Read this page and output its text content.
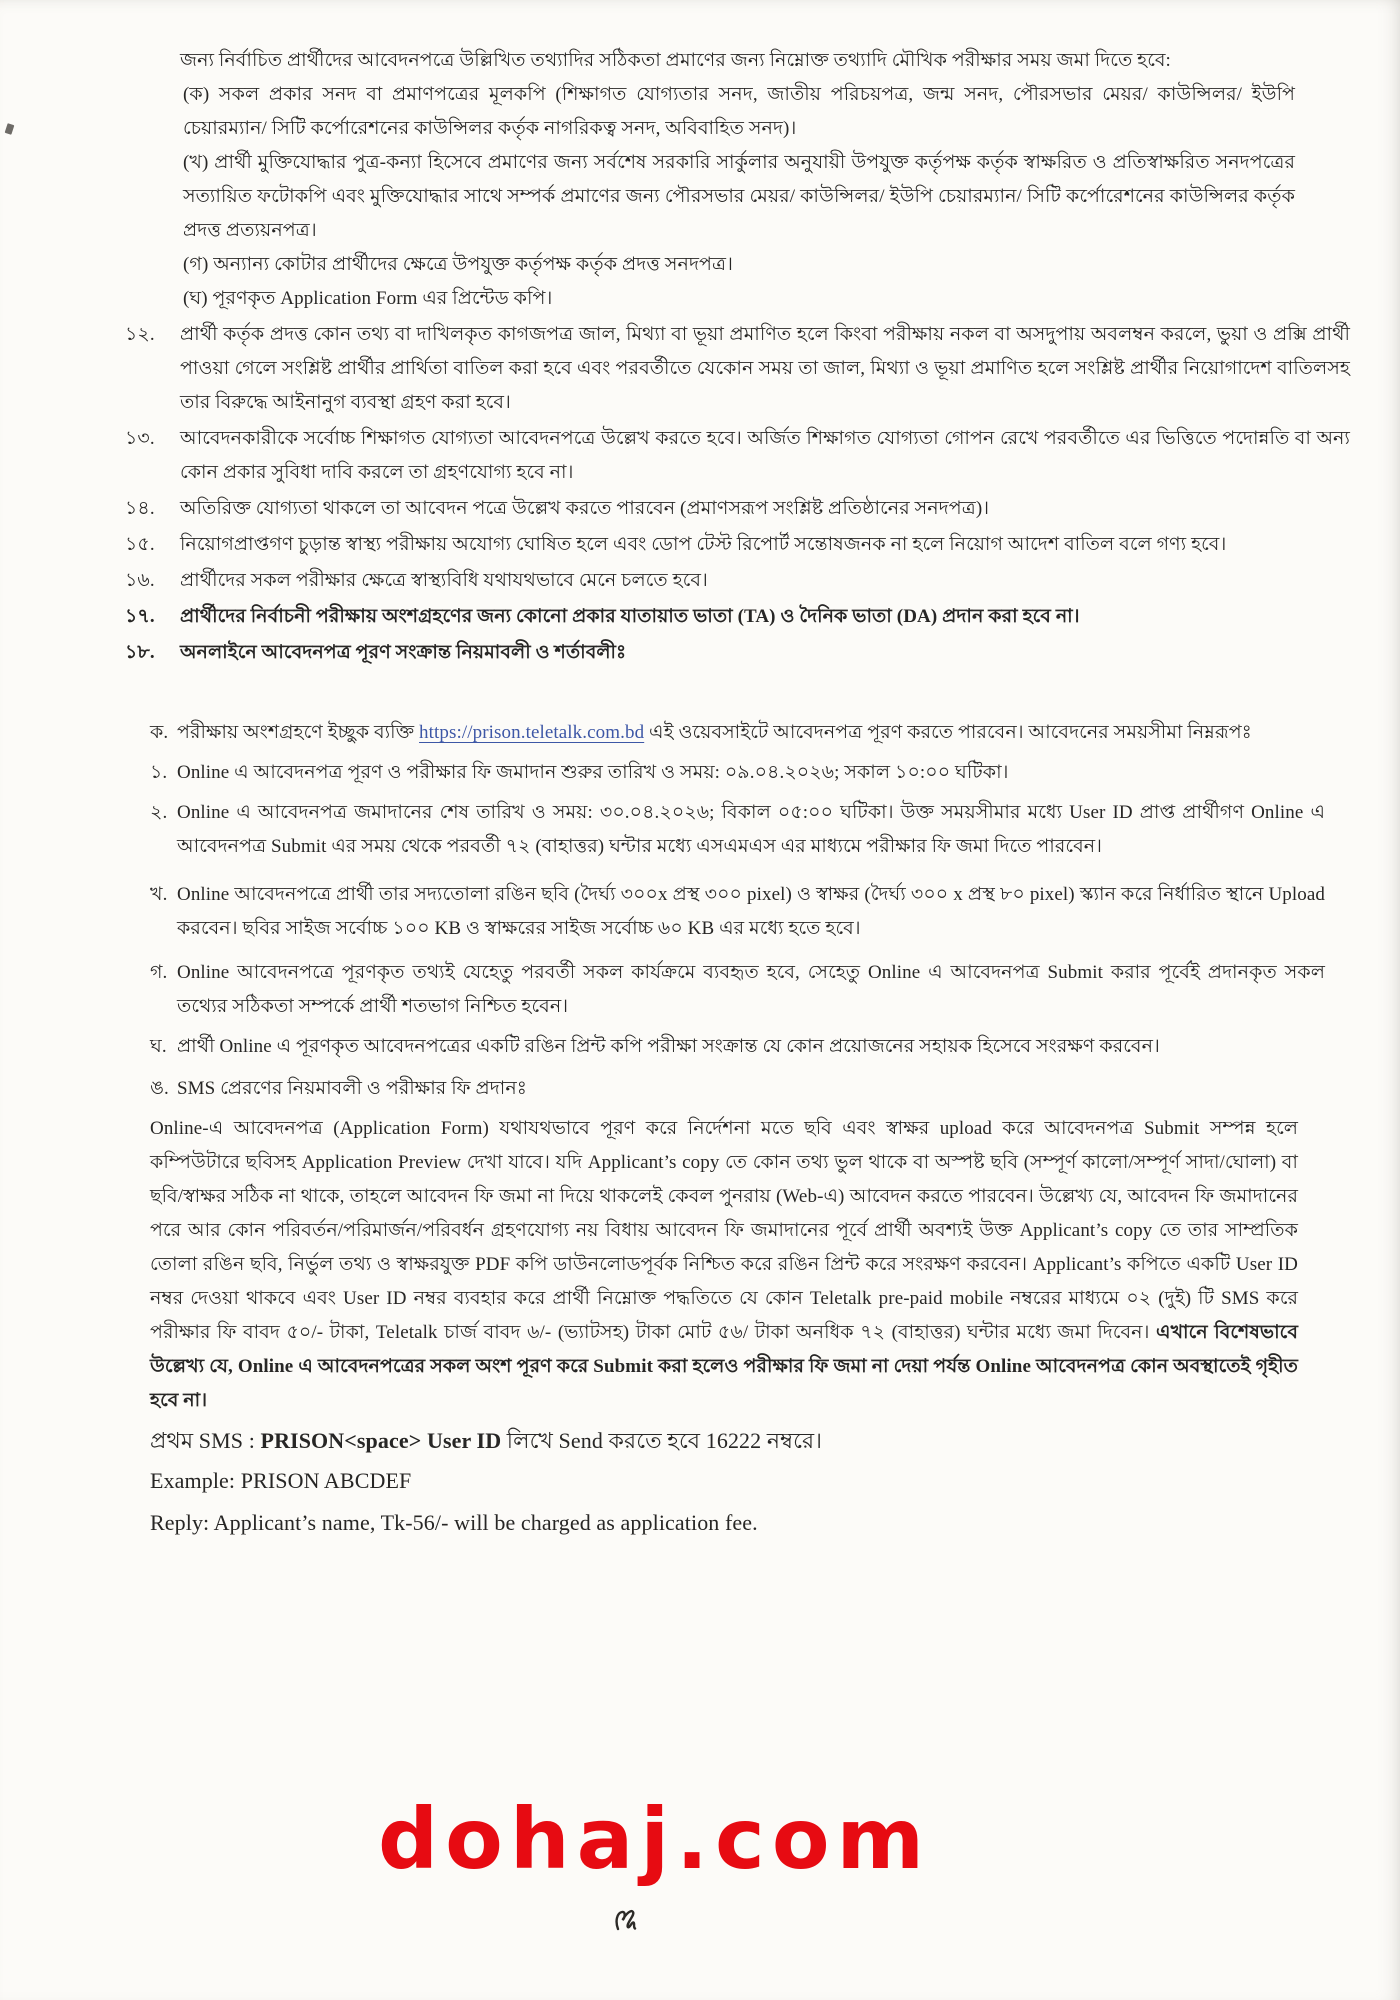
জন্য নির্বাচিত প্রার্থীদের আবেদনপত্রে উল্লিখিত তথ্যাদির সঠিকতা প্রমাণের জন্য নিম্নোক্ত তথ্যাদি মৌখিক পরীক্ষার সময় জমা দিতে হবে:

(ক) সকল প্রকার সনদ বা প্রমাণপত্রের মূলকপি (শিক্ষাগত যোগ্যতার সনদ, জাতীয় পরিচয়পত্র, জন্ম সনদ, পৌরসভার মেয়র/ কাউন্সিলর/ ইউপি চেয়ারম্যান/ সিটি কর্পোরেশনের কাউন্সিলর কর্তৃক নাগরিকত্ব সনদ, অবিবাহিত সনদ)।

(খ) প্রার্থী মুক্তিযোদ্ধার পুত্র-কন্যা হিসেবে প্রমাণের জন্য সর্বশেষ সরকারি সার্কুলার অনুযায়ী উপযুক্ত কর্তৃপক্ষ কর্তৃক স্বাক্ষরিত ও প্রতিস্বাক্ষরিত সনদপত্রের সত্যায়িত ফটোকপি এবং মুক্তিযোদ্ধার সাথে সম্পর্ক প্রমাণের জন্য পৌরসভার মেয়র/ কাউন্সিলর/ ইউপি চেয়ারম্যান/ সিটি কর্পোরেশনের কাউন্সিলর কর্তৃক প্রদত্ত প্রত্যয়নপত্র।

(গ) অন্যান্য কোটার প্রার্থীদের ক্ষেত্রে উপযুক্ত কর্তৃপক্ষ কর্তৃক প্রদত্ত সনদপত্র।

(ঘ) পূরণকৃত Application Form এর প্রিন্টেড কপি।

১২. প্রার্থী কর্তৃক প্রদত্ত কোন তথ্য বা দাখিলকৃত কাগজপত্র জাল, মিথ্যা বা ভূয়া প্রমাণিত হলে কিংবা পরীক্ষায় নকল বা অসদুপায় অবলম্বন করলে, ভুয়া ও প্রক্সি প্রার্থী পাওয়া গেলে সংশ্লিষ্ট প্রার্থীর প্রার্থিতা বাতিল করা হবে এবং পরবর্তীতে যেকোন সময় তা জাল, মিথ্যা ও ভূয়া প্রমাণিত হলে সংশ্লিষ্ট প্রার্থীর নিয়োগাদেশ বাতিলসহ তার বিরুদ্ধে আইনানুগ ব্যবস্থা গ্রহণ করা হবে।

১৩. আবেদনকারীকে সর্বোচ্চ শিক্ষাগত যোগ্যতা আবেদনপত্রে উল্লেখ করতে হবে। অর্জিত শিক্ষাগত যোগ্যতা গোপন রেখে পরবর্তীতে এর ভিত্তিতে পদোন্নতি বা অন্য কোন প্রকার সুবিধা দাবি করলে তা গ্রহণযোগ্য হবে না।

১৪. অতিরিক্ত যোগ্যতা থাকলে তা আবেদন পত্রে উল্লেখ করতে পারবেন (প্রমাণসরূপ সংশ্লিষ্ট প্রতিষ্ঠানের সনদপত্র)।

১৫. নিয়োগপ্রাপ্তগণ চুড়ান্ত স্বাস্থ্য পরীক্ষায় অযোগ্য ঘোষিত হলে এবং ডোপ টেস্ট রিপোর্ট সন্তোষজনক না হলে নিয়োগ আদেশ বাতিল বলে গণ্য হবে।

১৬. প্রার্থীদের সকল পরীক্ষার ক্ষেত্রে স্বাস্থ্যবিধি যথাযথভাবে মেনে চলতে হবে।

১৭. প্রার্থীদের নির্বাচনী পরীক্ষায় অংশগ্রহণের জন্য কোনো প্রকার যাতায়াত ভাতা (TA) ও দৈনিক ভাতা (DA) প্রদান করা হবে না।

১৮. অনলাইনে আবেদনপত্র পূরণ সংক্রান্ত নিয়মাবলী ও শর্তাবলীঃ

ক. পরীক্ষায় অংশগ্রহণে ইচ্ছুক ব্যক্তি https://prison.teletalk.com.bd এই ওয়েবসাইটে আবেদনপত্র পূরণ করতে পারবেন। আবেদনের সময়সীমা নিম্নরূপঃ

১. Online এ আবেদনপত্র পূরণ ও পরীক্ষার ফি জমাদান শুরুর তারিখ ও সময়: ০৯.০৪.২০২৬; সকাল ১০:০০ ঘটিকা।

২. Online এ আবেদনপত্র জমাদানের শেষ তারিখ ও সময়: ৩০.০৪.২০২৬; বিকাল ০৫:০০ ঘটিকা। উক্ত সময়সীমার মধ্যে User ID প্রাপ্ত প্রার্থীগণ Online এ আবেদনপত্র Submit এর সময় থেকে পরবর্তী ৭২ (বাহাত্তর) ঘন্টার মধ্যে এসএমএস এর মাধ্যমে পরীক্ষার ফি জমা দিতে পারবেন।

খ. Online আবেদনপত্রে প্রার্থী তার সদ্যতোলা রঙিন ছবি (দৈর্ঘ্য ৩০০x প্রস্থ ৩০০ pixel) ও স্বাক্ষর (দৈর্ঘ্য ৩০০ x প্রস্থ ৮০ pixel) স্ক্যান করে নির্ধারিত স্থানে Upload করবেন। ছবির সাইজ সর্বোচ্চ ১০০ KB ও স্বাক্ষরের সাইজ সর্বোচ্চ ৬০ KB এর মধ্যে হতে হবে।

গ. Online আবেদনপত্রে পূরণকৃত তথ্যই যেহেতু পরবর্তী সকল কার্যক্রমে ব্যবহৃত হবে, সেহেতু Online এ আবেদনপত্র Submit করার পূর্বেই প্রদানকৃত সকল তথ্যের সঠিকতা সম্পর্কে প্রার্থী শতভাগ নিশ্চিত হবেন।

ঘ. প্রার্থী Online এ পূরণকৃত আবেদনপত্রের একটি রঙিন প্রিন্ট কপি পরীক্ষা সংক্রান্ত যে কোন প্রয়োজনের সহায়ক হিসেবে সংরক্ষণ করবেন।

ঙ. SMS প্রেরণের নিয়মাবলী ও পরীক্ষার ফি প্রদানঃ

Online-এ আবেদনপত্র (Application Form) যথাযথভাবে পূরণ করে নির্দেশনা মতে ছবি এবং স্বাক্ষর upload করে আবেদনপত্র Submit সম্পন্ন হলে কম্পিউটারে ছবিসহ Application Preview দেখা যাবে। যদি Applicant’s copy তে কোন তথ্য ভুল থাকে বা অস্পষ্ট ছবি (সম্পূর্ণ কালো/সম্পূর্ণ সাদা/ঘোলা) বা ছবি/স্বাক্ষর সঠিক না থাকে, তাহলে আবেদন ফি জমা না দিয়ে থাকলেই কেবল পুনরায় (Web-এ) আবেদন করতে পারবেন। উল্লেখ্য যে, আবেদন ফি জমাদানের পরে আর কোন পরিবর্তন/পরিমার্জন/পরিবর্ধন গ্রহণযোগ্য নয় বিধায় আবেদন ফি জমাদানের পূর্বে প্রার্থী অবশ্যই উক্ত Applicant’s copy তে তার সাম্প্রতিক তোলা রঙিন ছবি, নির্ভুল তথ্য ও স্বাক্ষরযুক্ত PDF কপি ডাউনলোডপূর্বক নিশ্চিত করে রঙিন প্রিন্ট করে সংরক্ষণ করবেন। Applicant’s কপিতে একটি User ID নম্বর দেওয়া থাকবে এবং User ID নম্বর ব্যবহার করে প্রার্থী নিম্নোক্ত পদ্ধতিতে যে কোন Teletalk pre-paid mobile নম্বরের মাধ্যমে ০২ (দুই) টি SMS করে পরীক্ষার ফি বাবদ ৫০/- টাকা, Teletalk চার্জ বাবদ ৬/- (ভ্যাটসহ) টাকা মোট ৫৬/ টাকা অনধিক ৭২ (বাহাত্তর) ঘন্টার মধ্যে জমা দিবেন। এখানে বিশেষভাবে উল্লেখ্য যে, Online এ আবেদনপত্রের সকল অংশ পূরণ করে Submit করা হলেও পরীক্ষার ফি জমা না দেয়া পর্যন্ত Online আবেদনপত্র কোন অবস্থাতেই গৃহীত হবে না।

প্রথম SMS : PRISON<space> User ID লিখে Send করতে হবে 16222 নম্বরে।

Example: PRISON ABCDEF

Reply: Applicant’s name, Tk-56/- will be charged as application fee.

dohaj.com
